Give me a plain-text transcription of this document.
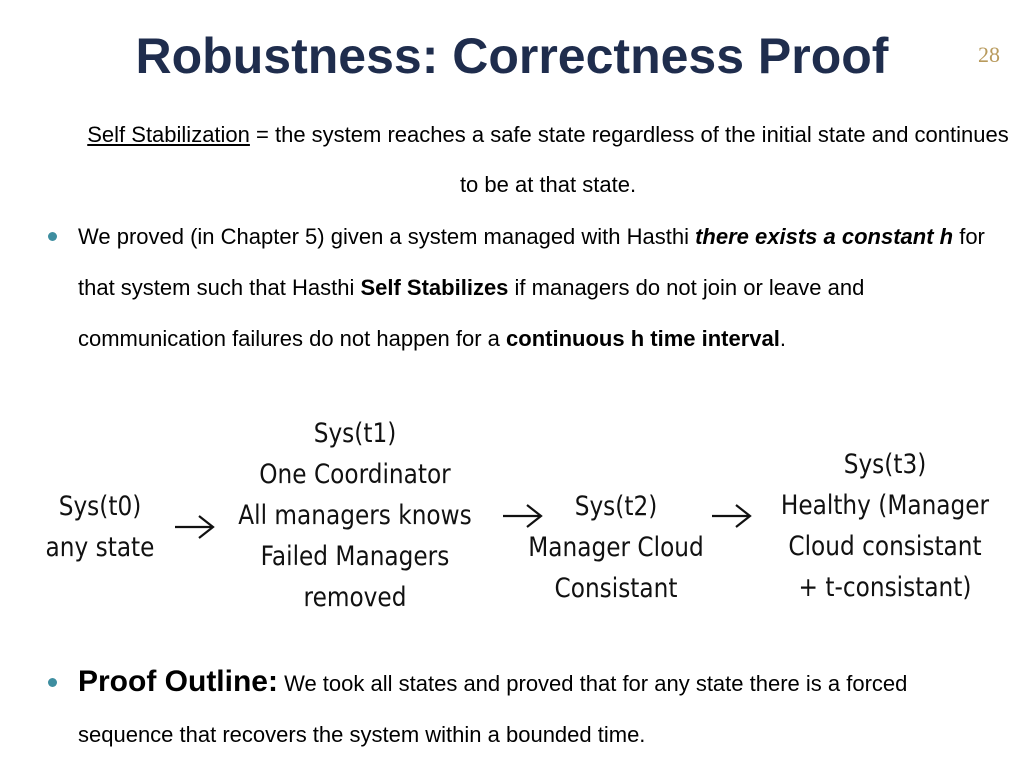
Robustness: Correctness Proof	28
Self Stabilization = the system reaches a safe state regardless of the initial state and continues to be at that state.
We proved (in Chapter 5) given a system managed with Hasthi there exists a constant h for that system such that Hasthi Self Stabilizes if managers do not join or leave and communication failures do not happen for a continuous h time interval.
Sys(t0)
any state
Sys(t1)
One Coordinator
All managers knows
Failed Managers
removed
Sys(t2)
Manager Cloud
Consistant
Sys(t3)
Healthy (Manager
Cloud consistant
+ t-consistant)
Proof Outline: We took all states and proved that for any state there is a forced sequence that recovers the system within a bounded time.
